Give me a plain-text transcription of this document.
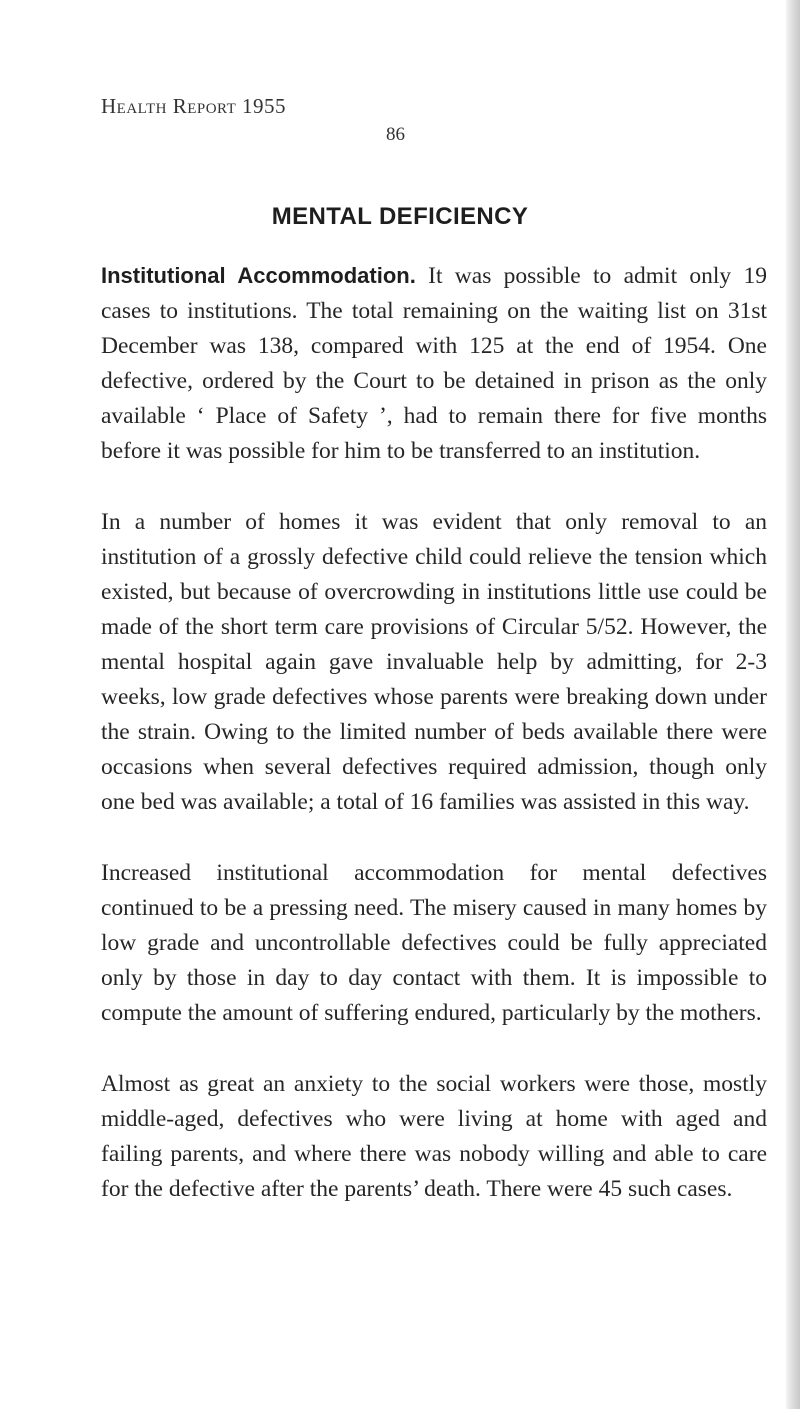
Health Report 1955
86
MENTAL DEFICIENCY

Institutional Accommodation. It was possible to admit only 19 cases to institutions. The total remaining on the waiting list on 31st December was 138, compared with 125 at the end of 1954. One defective, ordered by the Court to be detained in prison as the only available ‘ Place of Safety ’, had to remain there for five months before it was possible for him to be transferred to an institution.

In a number of homes it was evident that only removal to an institution of a grossly defective child could relieve the tension which existed, but because of overcrowding in institutions little use could be made of the short term care provisions of Circular 5/52. However, the mental hospital again gave invaluable help by admitting, for 2-3 weeks, low grade defectives whose parents were breaking down under the strain. Owing to the limited number of beds available there were occasions when several defectives required admission, though only one bed was available; a total of 16 families was assisted in this way.

Increased institutional accommodation for mental defectives continued to be a pressing need. The misery caused in many homes by low grade and uncontrollable defectives could be fully appreciated only by those in day to day contact with them. It is impossible to compute the amount of suffering endured, particularly by the mothers.

Almost as great an anxiety to the social workers were those, mostly middle-aged, defectives who were living at home with aged and failing parents, and where there was nobody willing and able to care for the defective after the parents’ death. There were 45 such cases.
